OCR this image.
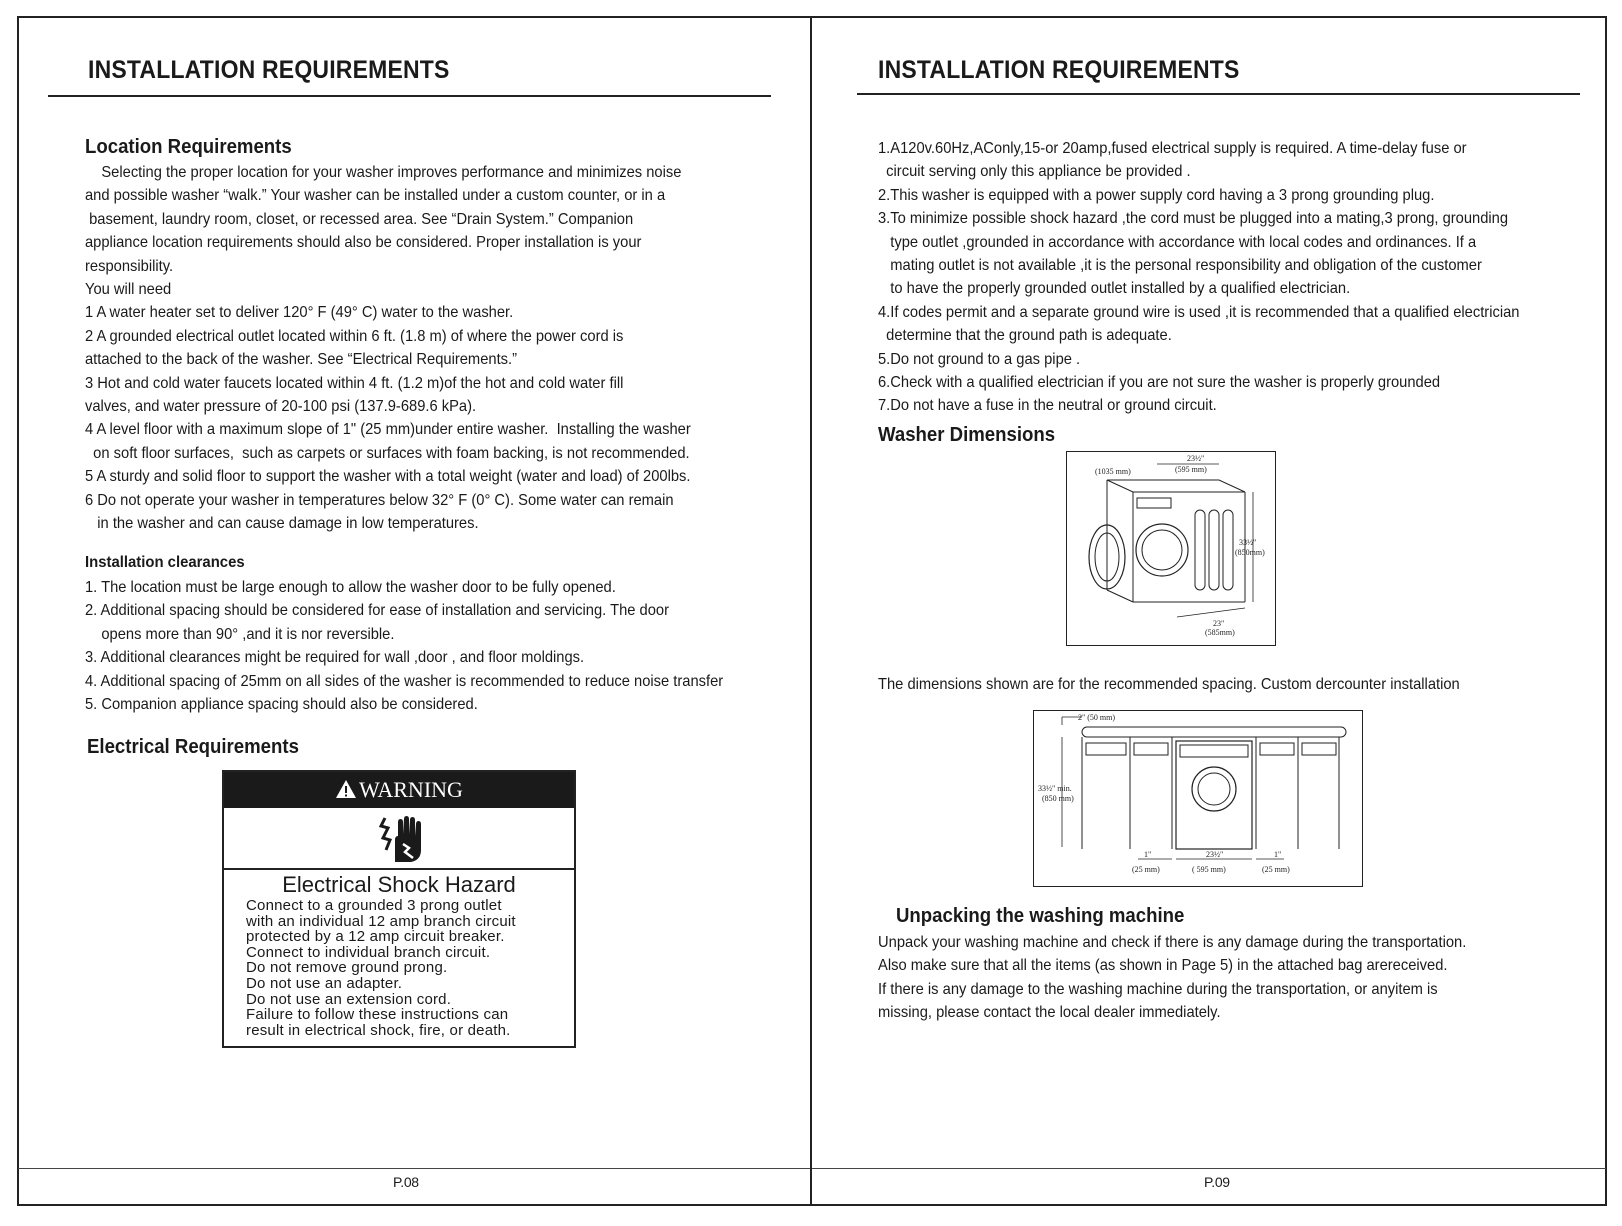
INSTALLATION REQUIREMENTS
Location Requirements
Selecting the proper location for your washer improves performance and minimizes noise
and possible washer “walk.” Your washer can be installed under a custom counter, or in a
basement, laundry room, closet, or recessed area. See “Drain System.” Companion
appliance location requirements should also be considered. Proper installation is your
responsibility.
You will need
1 A water heater set to deliver 120° F (49° C) water to the washer.
2 A grounded electrical outlet located within 6 ft. (1.8 m) of where the power cord is
attached to the back of the washer. See “Electrical Requirements.”
3 Hot and cold water faucets located within 4 ft. (1.2 m)of the hot and cold water fill
valves, and water pressure of 20-100 psi (137.9-689.6 kPa).
4 A level floor with a maximum slope of 1" (25 mm)under entire washer.  Installing the washer
on soft floor surfaces,  such as carpets or surfaces with foam backing, is not recommended.
5 A sturdy and solid floor to support the washer with a total weight (water and load) of 200lbs.
6 Do not operate your washer in temperatures below 32° F (0° C). Some water can remain
in the washer and can cause damage in low temperatures.
Installation clearances
1. The location must be large enough to allow the washer door to be fully opened.
2. Additional spacing should be considered for ease of installation and servicing. The door
opens more than 90° ,and it is nor reversible.
3. Additional clearances might be required for wall ,door , and floor moldings.
4. Additional spacing of 25mm on all sides of the washer is recommended to reduce noise transfer
5. Companion appliance spacing should also be considered.
Electrical Requirements
WARNING
Electrical Shock Hazard
Connect to a grounded 3 prong outlet
with an individual 12 amp branch circuit
protected by a 12 amp circuit breaker.
Connect to individual branch circuit.
Do not remove ground prong.
Do not use an adapter.
Do not use an extension cord.
Failure to follow these instructions can
result in electrical shock, fire, or death.
P.08
INSTALLATION REQUIREMENTS
1.A120v.60Hz,AConly,15-or 20amp,fused electrical supply is required. A time-delay fuse or
circuit serving only this appliance be provided .
2.This washer is equipped with a power supply cord having a 3 prong grounding plug.
3.To minimize possible shock hazard ,the cord must be plugged into a mating,3 prong, grounding
type outlet ,grounded in accordance with accordance with local codes and ordinances. If a
mating outlet is not available ,it is the personal responsibility and obligation of the customer
to have the properly grounded outlet installed by a qualified electrician.
4.If codes permit and a separate ground wire is used ,it is recommended that a qualified electrician
determine that the ground path is adequate.
5.Do not ground to a gas pipe .
6.Check with a qualified electrician if you are not sure the washer is properly grounded
7.Do not have a fuse in the neutral or ground circuit.
Washer Dimensions
(1035 mm)
23½"
(595 mm)
33½"
(850mm)
23"
(585mm)
The dimensions shown are for the recommended spacing. Custom dercounter installation
2" (50 mm)
33½" min.
(850 mm)
1"
(25 mm)
23½"
( 595 mm)
1"
(25 mm)
Unpacking the washing machine
Unpack your washing machine and check if there is any damage during the transportation.
Also make sure that all the items (as shown in Page 5) in the attached bag arereceived.
If there is any damage to the washing machine during the transportation, or anyitem is
missing, please contact the local dealer immediately.
P.09
